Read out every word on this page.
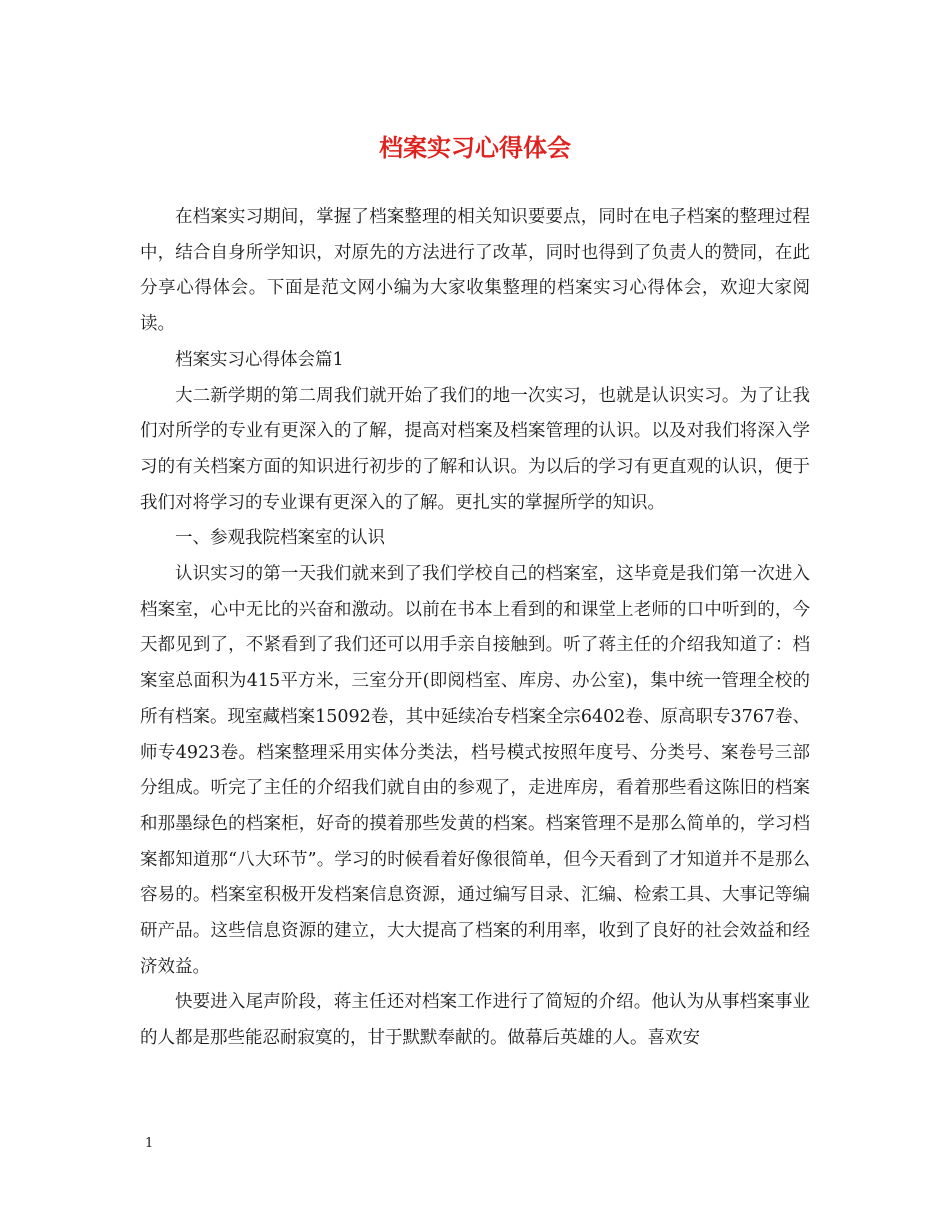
档案实习心得体会

在档案实习期间，掌握了档案整理的相关知识要要点，同时在电子档案的整理过程中，结合自身所学知识，对原先的方法进行了改革，同时也得到了负责人的赞同，在此分享心得体会。下面是范文网小编为大家收集整理的档案实习心得体会，欢迎大家阅读。

档案实习心得体会篇1

大二新学期的第二周我们就开始了我们的地一次实习，也就是认识实习。为了让我们对所学的专业有更深入的了解，提高对档案及档案管理的认识。以及对我们将深入学习的有关档案方面的知识进行初步的了解和认识。为以后的学习有更直观的认识，便于我们对将学习的专业课有更深入的了解。更扎实的掌握所学的知识。

一、参观我院档案室的认识

认识实习的第一天我们就来到了我们学校自己的档案室，这毕竟是我们第一次进入档案室，心中无比的兴奋和激动。以前在书本上看到的和课堂上老师的口中听到的，今天都见到了，不紧看到了我们还可以用手亲自接触到。听了蒋主任的介绍我知道了：档案室总面积为415平方米，三室分开(即阅档室、库房、办公室)，集中统一管理全校的所有档案。现室藏档案15092卷，其中延续冶专档案全宗6402卷、原高职专3767卷、师专4923卷。档案整理采用实体分类法，档号模式按照年度号、分类号、案卷号三部分组成。听完了主任的介绍我们就自由的参观了，走进库房，看着那些看这陈旧的档案和那墨绿色的档案柜，好奇的摸着那些发黄的档案。档案管理不是那么简单的，学习档案都知道那“八大环节”。学习的时候看着好像很简单，但今天看到了才知道并不是那么容易的。档案室积极开发档案信息资源，通过编写目录、汇编、检索工具、大事记等编研产品。这些信息资源的建立，大大提高了档案的利用率，收到了良好的社会效益和经济效益。

快要进入尾声阶段，蒋主任还对档案工作进行了简短的介绍。他认为从事档案事业的人都是那些能忍耐寂寞的，甘于默默奉献的。做幕后英雄的人。喜欢安

1
